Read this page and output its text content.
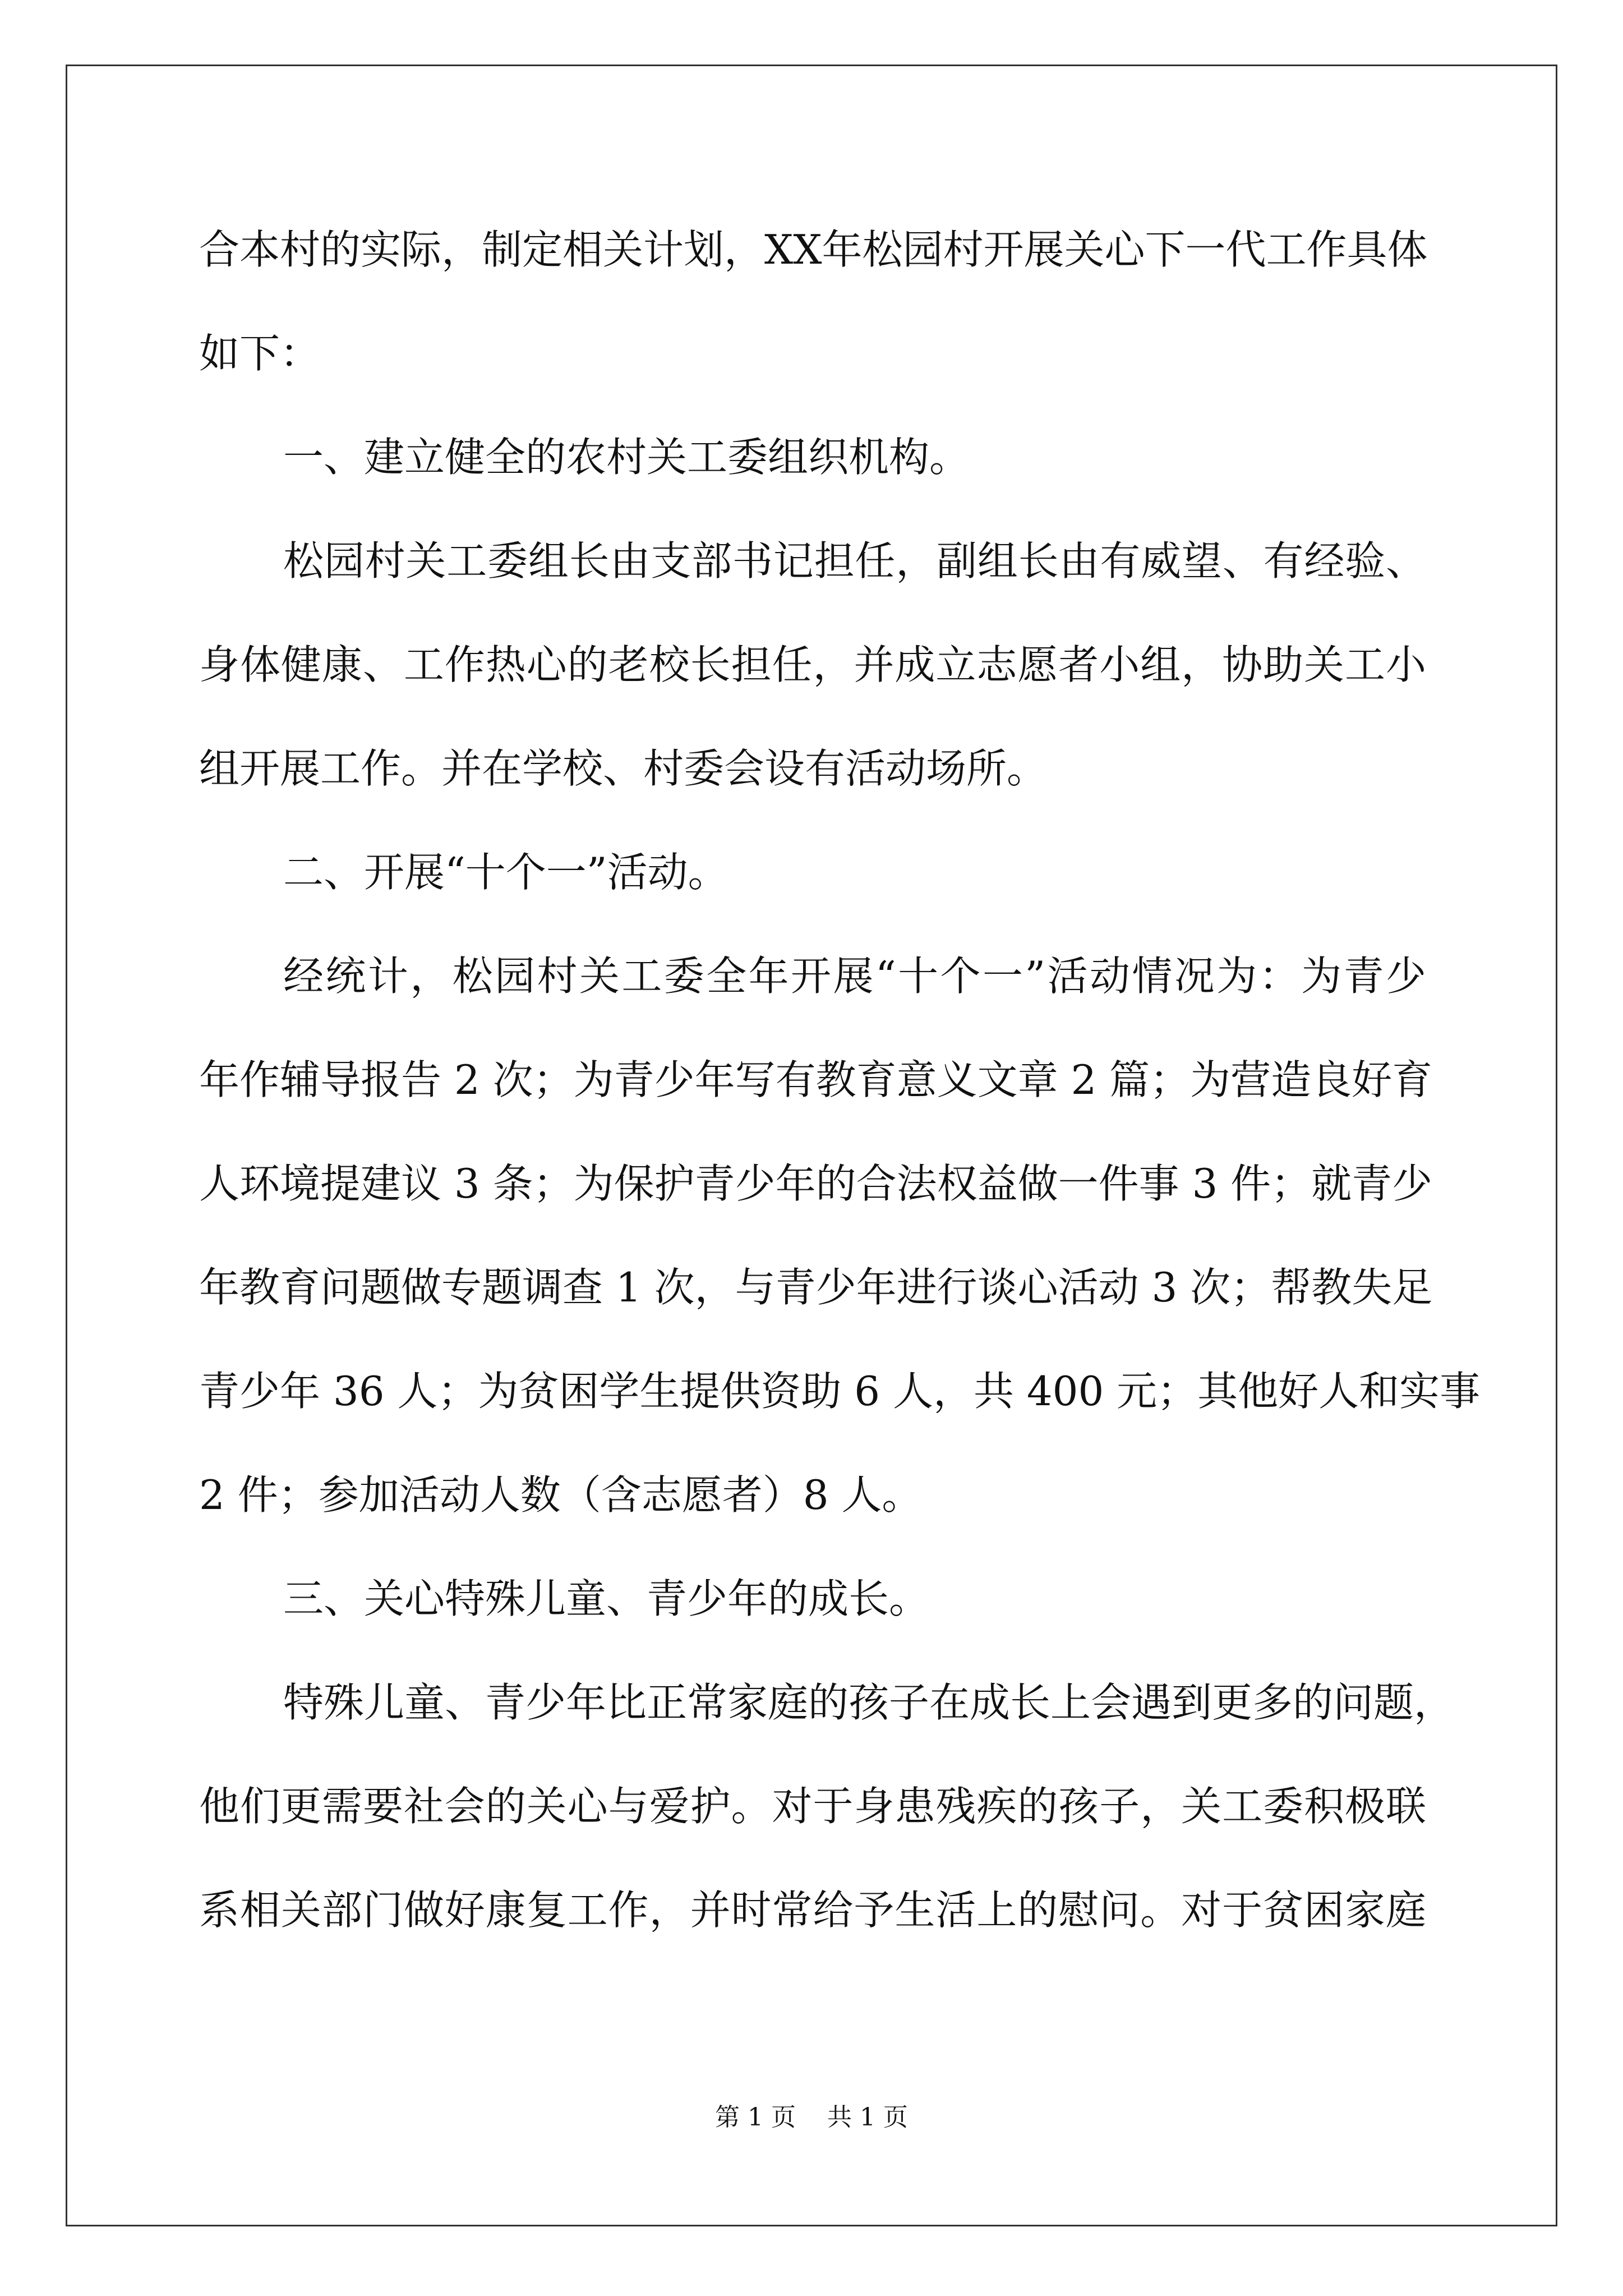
合本村的实际，制定相关计划，XX年松园村开展关心下一代工作具体
如下：
一、建立健全的农村关工委组织机构。
松园村关工委组长由支部书记担任，副组长由有威望、有经验、
身体健康、工作热心的老校长担任，并成立志愿者小组，协助关工小
组开展工作。并在学校、村委会设有活动场所。
二、开展“十个一”活动。
经统计，松园村关工委全年开展“十个一”活动情况为：为青少
年作辅导报告 2 次；为青少年写有教育意义文章 2 篇；为营造良好育
人环境提建议 3 条；为保护青少年的合法权益做一件事 3 件；就青少
年教育问题做专题调查 1 次，与青少年进行谈心活动 3 次；帮教失足
青少年 36 人；为贫困学生提供资助 6 人，共 400 元；其他好人和实事
2 件；参加活动人数（含志愿者）8 人。
三、关心特殊儿童、青少年的成长。
特殊儿童、青少年比正常家庭的孩子在成长上会遇到更多的问题，
他们更需要社会的关心与爱护。对于身患残疾的孩子，关工委积极联
系相关部门做好康复工作，并时常给予生活上的慰问。对于贫困家庭
第 1 页    共 1 页
